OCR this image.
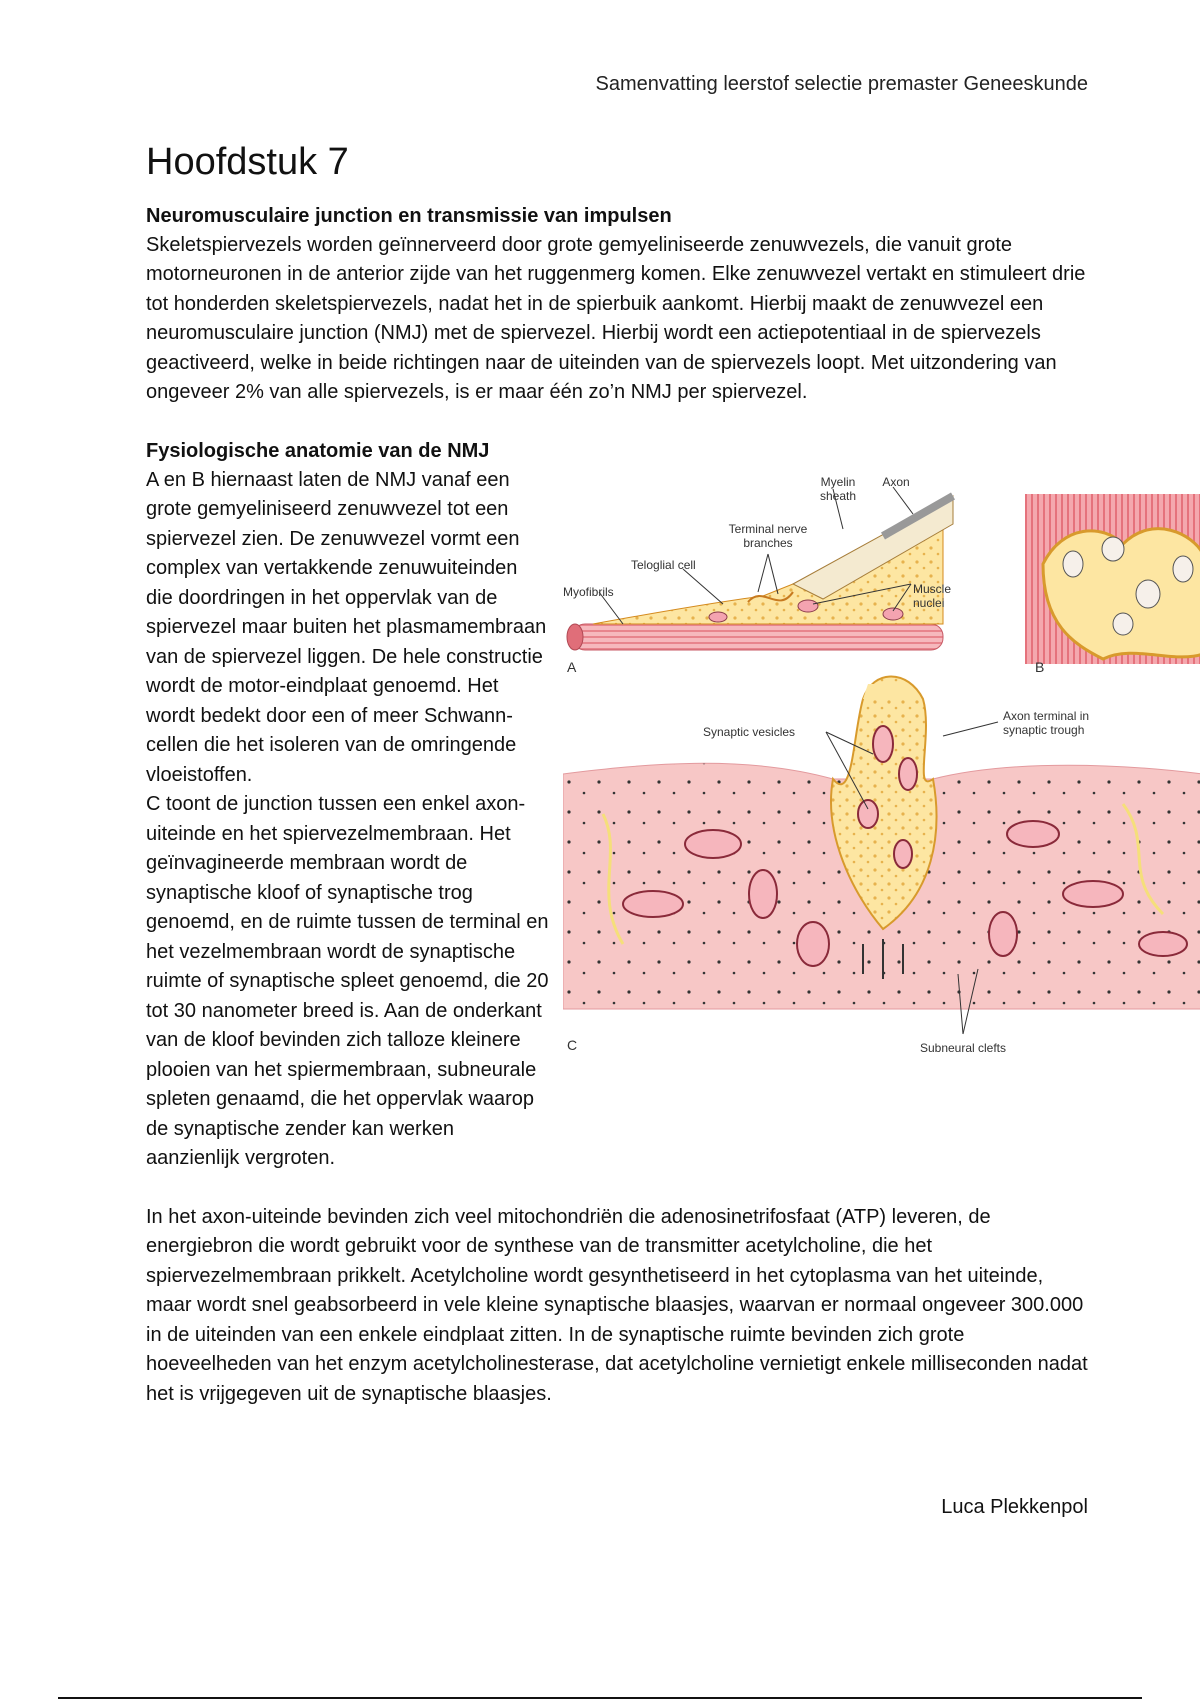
Samenvatting leerstof selectie premaster Geneeskunde
Hoofdstuk 7
Neuromusculaire junction en transmissie van impulsen

Skeletspiervezels worden geïnnerveerd door grote gemyeliniseerde zenuwvezels, die vanuit grote motorneuronen in de anterior zijde van het ruggenmerg komen. Elke zenuwvezel vertakt en stimuleert drie tot honderden skeletspiervezels, nadat het in de spierbuik aankomt. Hierbij maakt de zenuwvezel een neuromusculaire junction (NMJ) met de spiervezel. Hierbij wordt een actiepotentiaal in de spiervezels geactiveerd, welke in beide richtingen naar de uiteinden van de spiervezels loopt. Met uitzondering van ongeveer 2% van alle spiervezels, is er maar één zo’n NMJ per spiervezel.

Fysiologische anatomie van de NMJ
Myelin
sheath
Axon
Terminal nerve
branches
Teloglial cell
Myofibrils	Muscle
nuclei
A	B
Synaptic vesicles
Axon terminal in
synaptic trough
Subneural clefts
C

A en B hiernaast laten de NMJ vanaf een grote gemyeliniseerd zenuwvezel tot een spiervezel zien. De zenuwvezel vormt een complex van vertakkende zenuwuiteinden die doordringen in het oppervlak van de spiervezel maar buiten het plasmamembraan van de spiervezel liggen. De hele constructie wordt de motor-eindplaat genoemd. Het wordt bedekt door een of meer Schwann-cellen die het isoleren van de omringende vloeistoffen.

C toont de junction tussen een enkel axon-uiteinde en het spiervezelmembraan. Het geïnvagineerde membraan wordt de synaptische kloof of synaptische trog genoemd, en de ruimte tussen de terminal en het vezelmembraan wordt de synaptische ruimte of synaptische spleet genoemd, die 20 tot 30 nanometer breed is. Aan de onderkant van de kloof bevinden zich talloze kleinere plooien van het spiermembraan, subneurale spleten genaamd, die het oppervlak waarop de synaptische zender kan werken aanzienlijk vergroten.

In het axon-uiteinde bevinden zich veel mitochondriën die adenosinetrifosfaat (ATP) leveren, de energiebron die wordt gebruikt voor de synthese van de transmitter acetylcholine, die het spiervezelmembraan prikkelt. Acetylcholine wordt gesynthetiseerd in het cytoplasma van het uiteinde, maar wordt snel geabsorbeerd in vele kleine synaptische blaasjes, waarvan er normaal ongeveer 300.000 in de uiteinden van een enkele eindplaat zitten. In de synaptische ruimte bevinden zich grote hoeveelheden van het enzym acetylcholinesterase, dat acetylcholine vernietigt enkele milliseconden nadat het is vrijgegeven uit de synaptische blaasjes.

Luca Plekkenpol
